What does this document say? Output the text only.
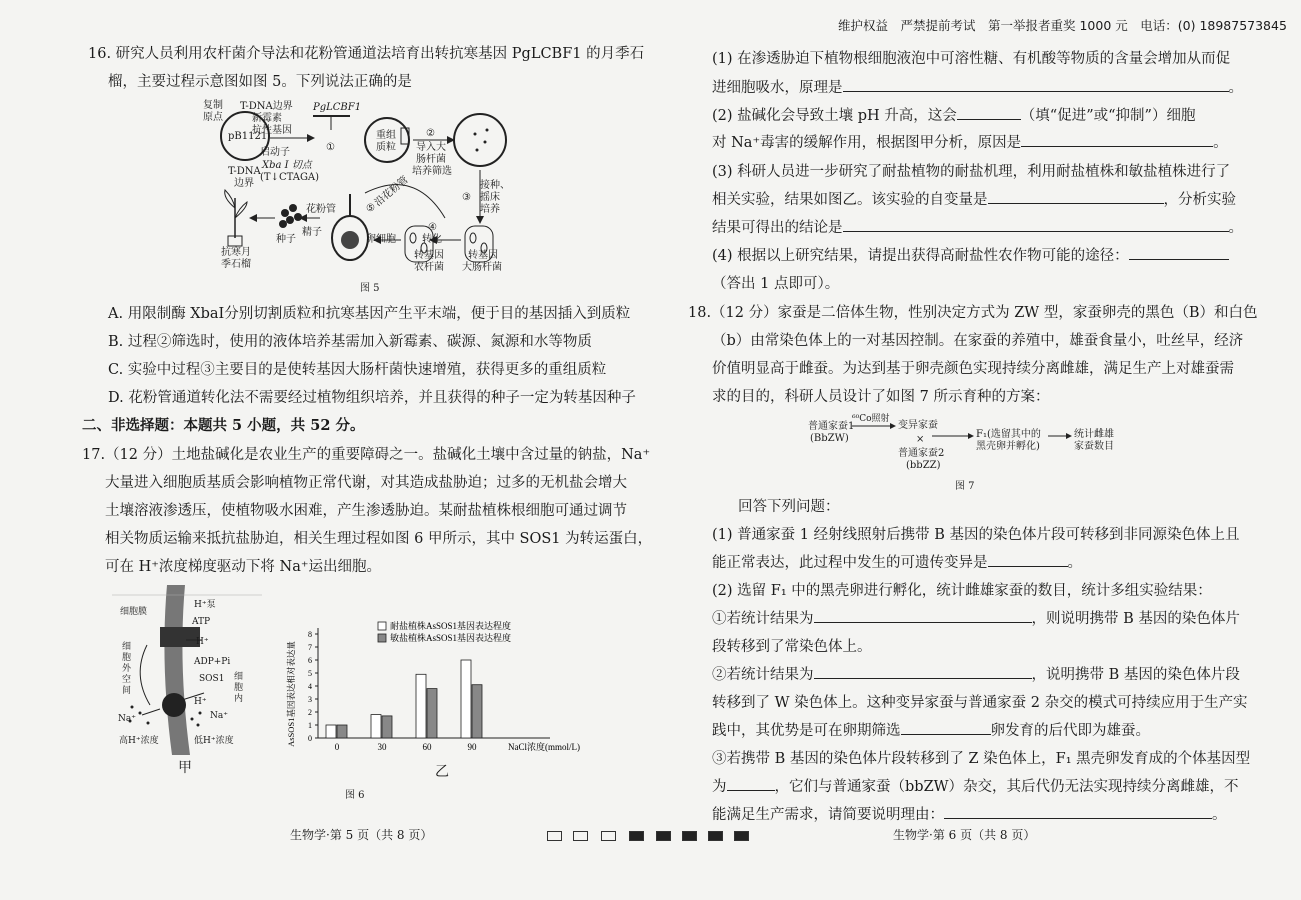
维护权益　严禁提前考试　第一举报者重奖 1000 元　电话：(0) 18987573845
16. 研究人员利用农杆菌介导法和花粉管通道法培育出转抗寒基因 PgLCBF1 的月季石
榴，主要过程示意图如图 5。下列说法正确的是
复制
原点
T-DNA边界
新霉素
抗性基因
pB1121
启动子
Xba I 切点
(T↓CTAGA)
T-DNA
边界
PgLCBF1
①
重组
质粒
②
导入大
肠杆菌
培养筛选
③
接种、
摇床
培养
④
转化
转基因
农杆菌
转基因
大肠杆菌
⑤
沿花粉管
花粉管
精子
卵细胞
种子
抗寒月
季石榴
图 5
A. 用限制酶 XbaⅠ分别切割质粒和抗寒基因产生平末端，便于目的基因插入到质粒
B. 过程②筛选时，使用的液体培养基需加入新霉素、碳源、氮源和水等物质
C. 实验中过程③主要目的是使转基因大肠杆菌快速增殖，获得更多的重组质粒
D. 花粉管通道转化法不需要经过植物组织培养，并且获得的种子一定为转基因种子
二、非选择题：本题共 5 小题，共 52 分。
17.（12 分）土地盐碱化是农业生产的重要障碍之一。盐碱化土壤中含过量的钠盐，Na⁺
大量进入细胞质基质会影响植物正常代谢，对其造成盐胁迫；过多的无机盐会增大
土壤溶液渗透压，使植物吸水困难，产生渗透胁迫。某耐盐植株根细胞可通过调节
相关物质运输来抵抗盐胁迫，相关生理过程如图 6 甲所示，其中 SOS1 为转运蛋白，
可在 H⁺浓度梯度驱动下将 Na⁺运出细胞。
细胞膜
H⁺泵
ATP
H⁺
ADP+Pi
SOS1
H⁺
Na⁺	Na⁺
细胞外空间
细胞内
高H⁺浓度	低H⁺浓度
甲
0
1
2
3
4
5
6
7
8
0	30	60	90	NaCl浓度(mmol/L)
AsSOS1基因表达相对表达量
耐盐植株AsSOS1基因表达程度
敏盐植株AsSOS1基因表达程度
乙
图 6
生物学·第 5 页（共 8 页）
(1) 在渗透胁迫下植物根细胞液泡中可溶性糖、有机酸等物质的含量会增加从而促
进细胞吸水，原理是	。
(2) 盐碱化会导致土壤 pH 升高，这会	（填“促进”或“抑制”）细胞
对 Na⁺毒害的缓解作用，根据图甲分析，原因是	。
(3) 科研人员进一步研究了耐盐植物的耐盐机理，利用耐盐植株和敏盐植株进行了
相关实验，结果如图乙。该实验的自变量是	，分析实验
结果可得出的结论是	。
(4) 根据以上研究结果，请提出获得高耐盐性农作物可能的途径：
（答出 1 点即可）。
18.（12 分）家蚕是二倍体生物，性别决定方式为 ZW 型，家蚕卵壳的黑色（B）和白色
（b）由常染色体上的一对基因控制。在家蚕的养殖中，雄蚕食量小，吐丝早，经济
价值明显高于雌蚕。为达到基于卵壳颜色实现持续分离雌雄，满足生产上对雄蚕需
求的目的，科研人员设计了如图 7 所示育种的方案：
普通家蚕1
(BbZW)
⁶⁰Co照射
变异家蚕
×
普通家蚕2
(bbZZ)
F₁(选留其中的
黑壳卵并孵化)
统计雌雄
家蚕数目
图 7
回答下列问题：
(1) 普通家蚕 1 经射线照射后携带 B 基因的染色体片段可转移到非同源染色体上且
能正常表达，此过程中发生的可遗传变异是	。
(2) 选留 F₁ 中的黑壳卵进行孵化，统计雌雄家蚕的数目，统计多组实验结果：
①若统计结果为	，则说明携带 B 基因的染色体片
段转移到了常染色体上。
②若统计结果为	，说明携带 B 基因的染色体片段
转移到了 W 染色体上。这种变异家蚕与普通家蚕 2 杂交的模式可持续应用于生产实
践中，其优势是可在卵期筛选	卵发育的后代即为雄蚕。
③若携带 B 基因的染色体片段转移到了 Z 染色体上，F₁ 黑壳卵发育成的个体基因型
为	，它们与普通家蚕（bbZW）杂交，其后代仍无法实现持续分离雌雄，不
能满足生产需求，请简要说明理由：	。
生物学·第 6 页（共 8 页）
